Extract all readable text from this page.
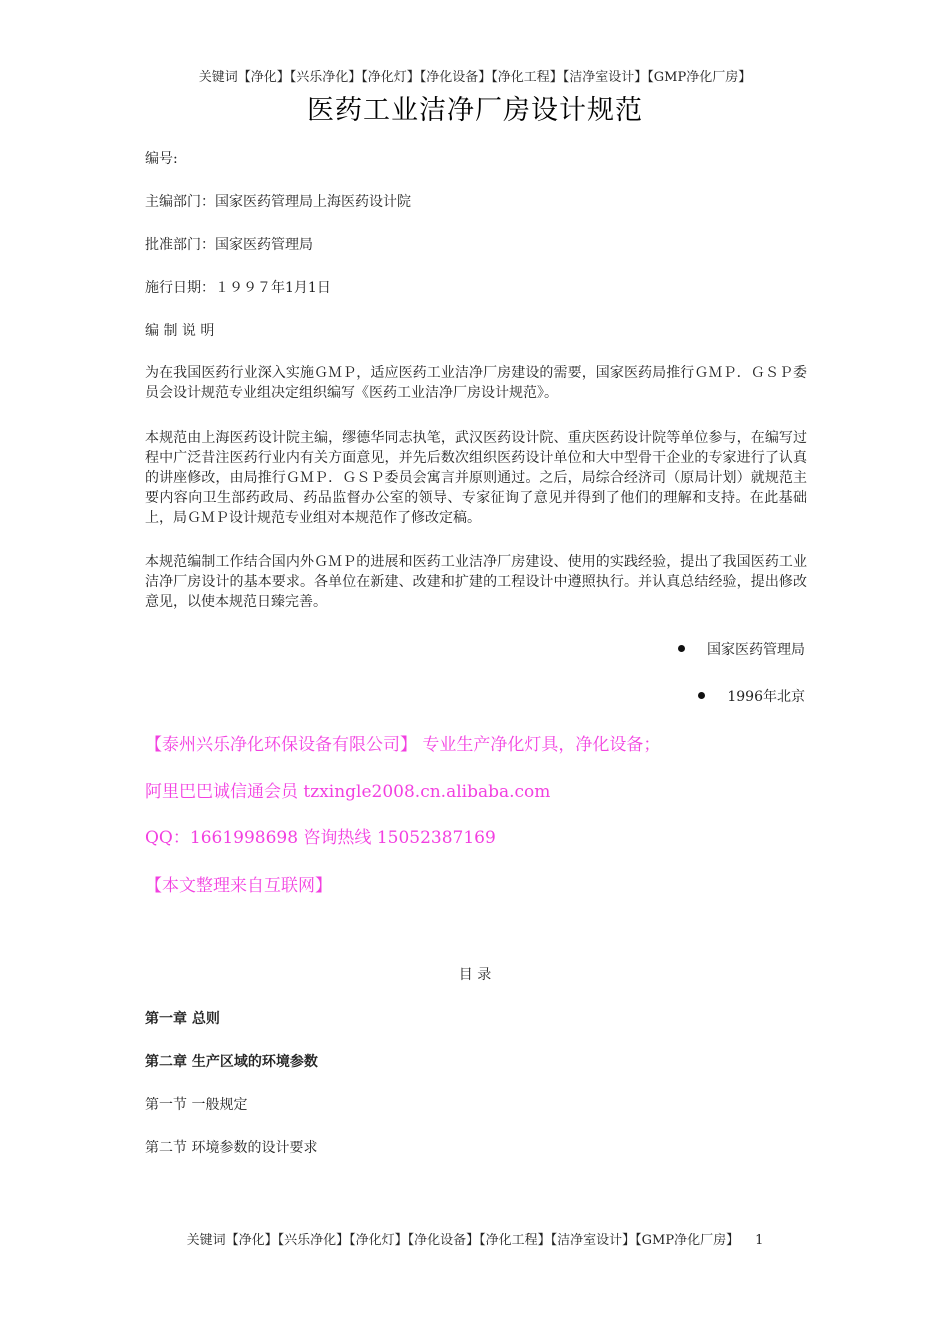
关键词【净化】【兴乐净化】【净化灯】【净化设备】【净化工程】【洁净室设计】【GMP净化厂房】
医药工业洁净厂房设计规范
编号:
主编部门：国家医药管理局上海医药设计院
批准部门：国家医药管理局
施行日期：１９９７年1月1日
编 制 说 明
为在我国医药行业深入实施ＧＭＰ，适应医药工业洁净厂房建设的需要，国家医药局推行ＧＭＰ．ＧＳＰ委员会设计规范专业组决定组织编写《医药工业洁净厂房设计规范》。
本规范由上海医药设计院主编，缪德华同志执笔，武汉医药设计院、重庆医药设计院等单位参与，在编写过程中广泛昔注医药行业内有关方面意见，并先后数次组织医药设计单位和大中型骨干企业的专家进行了认真的讲座修改，由局推行ＧＭＰ．ＧＳＰ委员会寓言并原则通过。之后，局综合经济司（原局计划）就规范主要内容向卫生部药政局、药品监督办公室的领导、专家征询了意见并得到了他们的理解和支持。在此基础上，局ＧＭＰ设计规范专业组对本规范作了修改定稿。
本规范编制工作结合国内外ＧＭＰ的进展和医药工业洁净厂房建设、使用的实践经验，提出了我国医药工业洁净厂房设计的基本要求。各单位在新建、改建和扩建的工程设计中遵照执行。并认真总结经验，提出修改意见，以使本规范日臻完善。
国家医药管理局
1996年北京
【泰州兴乐净化环保设备有限公司】 专业生产净化灯具，净化设备；
阿里巴巴诚信通会员 tzxingle2008.cn.alibaba.com
QQ：1661998698 咨询热线 15052387169
【本文整理来自互联网】
目 录
第一章 总则
第二章 生产区域的环境参数
第一节 一般规定
第二节 环境参数的设计要求
关键词【净化】【兴乐净化】【净化灯】【净化设备】【净化工程】【洁净室设计】【GMP净化厂房】 1
